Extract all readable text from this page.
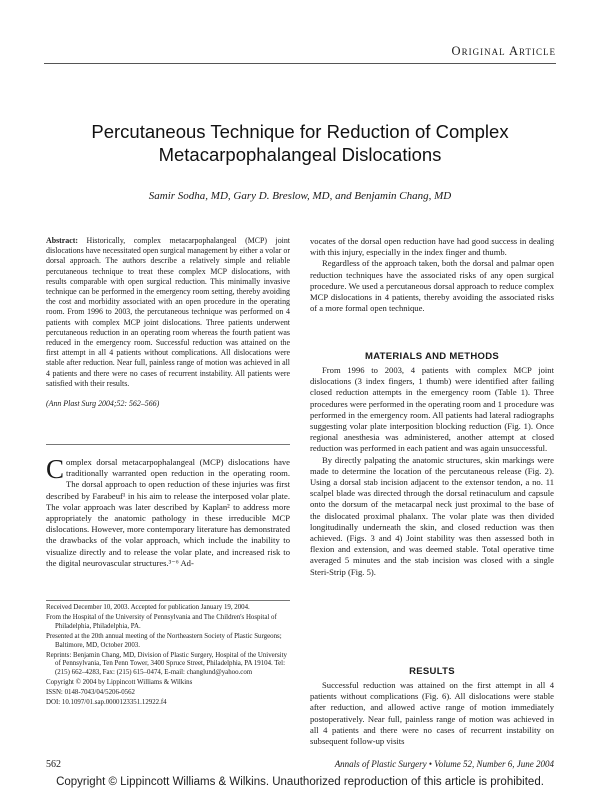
Original Article
Percutaneous Technique for Reduction of Complex
Metacarpophalangeal Dislocations
Samir Sodha, MD, Gary D. Breslow, MD, and Benjamin Chang, MD

Abstract: Historically, complex metacarpophalangeal (MCP) joint dislocations have necessitated open surgical management by either a volar or dorsal approach. The authors describe a relatively simple and reliable percutaneous technique to treat these complex MCP dislocations, with results comparable with open surgical reduction. This minimally invasive technique can be performed in the emergency room setting, thereby avoiding the cost and morbidity associated with an open procedure in the operating room. From 1996 to 2003, the percutaneous technique was performed on 4 patients with complex MCP joint dislocations. Three patients underwent percutaneous reduction in an operating room whereas the fourth patient was reduced in the emergency room. Successful reduction was attained on the first attempt in all 4 patients without complications. All dislocations were stable after reduction. Near full, painless range of motion was achieved in all 4 patients and there were no cases of recurrent instability. All patients were satisfied with their results.

(Ann Plast Surg 2004;52: 562–566)

Complex dorsal metacarpophalangeal (MCP) dislocations have traditionally warranted open reduction in the operating room. The dorsal approach to open reduction of these injuries was first described by Farabeuf¹ in his aim to release the interposed volar plate. The volar approach was later described by Kaplan² to address more appropriately the anatomic pathology in these irreducible MCP dislocations. However, more contemporary literature has demonstrated the drawbacks of the volar approach, which include the inability to visualize directly and to release the volar plate, and increased risk to the digital neurovascular structures.³⁻⁶ Ad-

Received December 10, 2003. Accepted for publication January 19, 2004.

From the Hospital of the University of Pennsylvania and The Children's Hospital of Philadelphia, Philadelphia, PA.

Presented at the 20th annual meeting of the Northeastern Society of Plastic Surgeons; Baltimore, MD, October 2003.

Reprints: Benjamin Chang, MD, Division of Plastic Surgery, Hospital of the University of Pennsylvania, Ten Penn Tower, 3400 Spruce Street, Philadelphia, PA 19104. Tel: (215) 662–4283, Fax: (215) 615–0474, E-mail: changlund@yahoo.com

Copyright © 2004 by Lippincott Williams & Wilkins

ISSN: 0148-7043/04/5206-0562

DOI: 10.1097/01.sap.0000123351.12922.f4

vocates of the dorsal open reduction have had good success in dealing with this injury, especially in the index finger and thumb.

Regardless of the approach taken, both the dorsal and palmar open reduction techniques have the associated risks of any open surgical procedure. We used a percutaneous dorsal approach to reduce complex MCP dislocations in 4 patients, thereby avoiding the associated risks of a more formal open technique.

MATERIALS AND METHODS

From 1996 to 2003, 4 patients with complex MCP joint dislocations (3 index fingers, 1 thumb) were identified after failing closed reduction attempts in the emergency room (Table 1). Three procedures were performed in the operating room and 1 procedure was performed in the emergency room. All patients had lateral radiographs suggesting volar plate interposition blocking reduction (Fig. 1). Once regional anesthesia was administered, another attempt at closed reduction was performed in each patient and was again unsuccessful.

By directly palpating the anatomic structures, skin markings were made to determine the location of the percutaneous release (Fig. 2). Using a dorsal stab incision adjacent to the extensor tendon, a no. 11 scalpel blade was directed through the dorsal retinaculum and capsule onto the dorsum of the metacarpal neck just proximal to the base of the dislocated proximal phalanx. The volar plate was then divided longitudinally underneath the skin, and closed reduction was then achieved. (Figs. 3 and 4) Joint stability was then assessed both in flexion and extension, and was deemed stable. Total operative time averaged 5 minutes and the stab incision was closed with a single Steri-Strip (Fig. 5).

RESULTS

Successful reduction was attained on the first attempt in all 4 patients without complications (Fig. 6). All dislocations were stable after reduction, and allowed active range of motion immediately postoperatively. Near full, painless range of motion was achieved in all 4 patients and there were no cases of recurrent instability on subsequent follow-up visits

562	Annals of Plastic Surgery • Volume 52, Number 6, June 2004
Copyright © Lippincott Williams & Wilkins. Unauthorized reproduction of this article is prohibited.
